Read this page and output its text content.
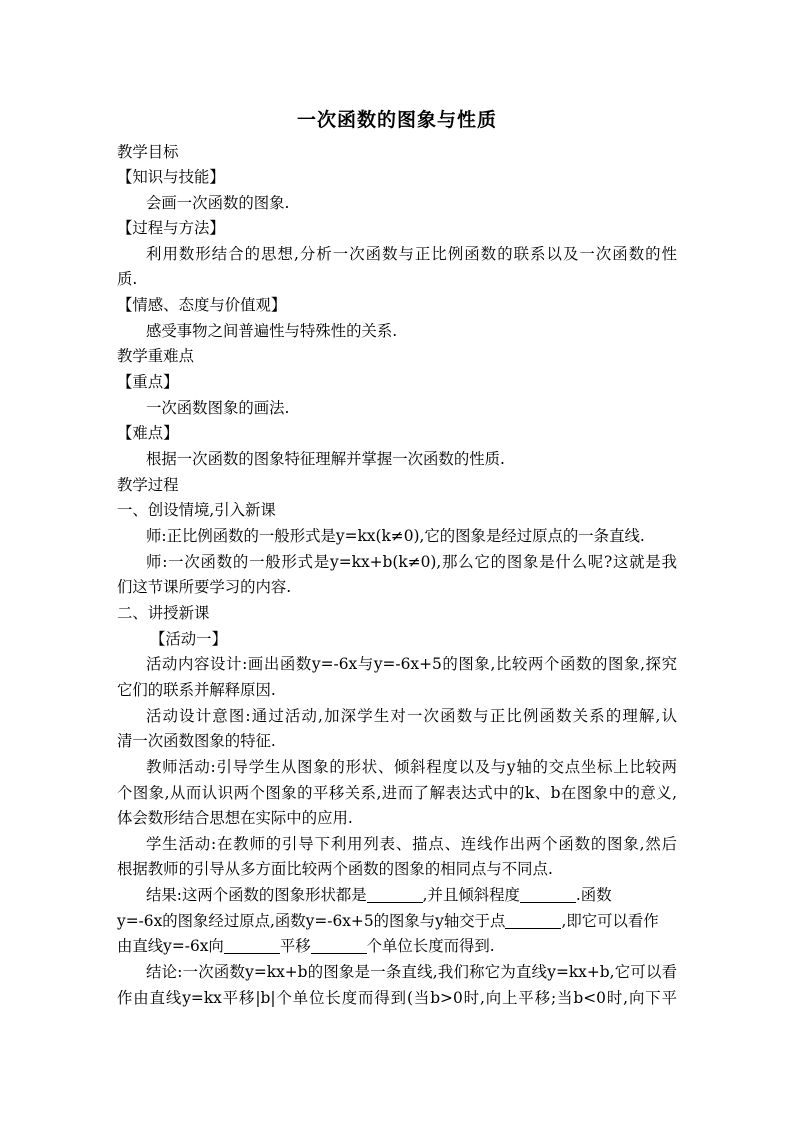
一次函数的图象与性质
教学目标
【知识与技能】
会画一次函数的图象.
【过程与方法】
利用数形结合的思想,分析一次函数与正比例函数的联系以及一次函数的性
质.
【情感、态度与价值观】
感受事物之间普遍性与特殊性的关系.
教学重难点
【重点】
一次函数图象的画法.
【难点】
根据一次函数的图象特征理解并掌握一次函数的性质.
教学过程
一、创设情境,引入新课
师:正比例函数的一般形式是y=kx(k≠0),它的图象是经过原点的一条直线.
师:一次函数的一般形式是y=kx+b(k≠0),那么它的图象是什么呢?这就是我
们这节课所要学习的内容.
二、讲授新课
【活动一】
活动内容设计:画出函数y=-6x与y=-6x+5的图象,比较两个函数的图象,探究
它们的联系并解释原因.
活动设计意图:通过活动,加深学生对一次函数与正比例函数关系的理解,认
清一次函数图象的特征.
教师活动:引导学生从图象的形状、倾斜程度以及与y轴的交点坐标上比较两
个图象,从而认识两个图象的平移关系,进而了解表达式中的k、b在图象中的意义,
体会数形结合思想在实际中的应用.
学生活动:在教师的引导下利用列表、描点、连线作出两个函数的图象,然后
根据教师的引导从多方面比较两个函数的图象的相同点与不同点.
结果:这两个函数的图象形状都是	,并且倾斜程度	.函数
y=-6x的图象经过原点,函数y=-6x+5的图象与y轴交于点	,即它可以看作
由直线y=-6x向	平移	个单位长度而得到.
结论:一次函数y=kx+b的图象是一条直线,我们称它为直线y=kx+b,它可以看
作由直线y=kx平移|b|个单位长度而得到(当b>0时,向上平移;当b<0时,向下平
